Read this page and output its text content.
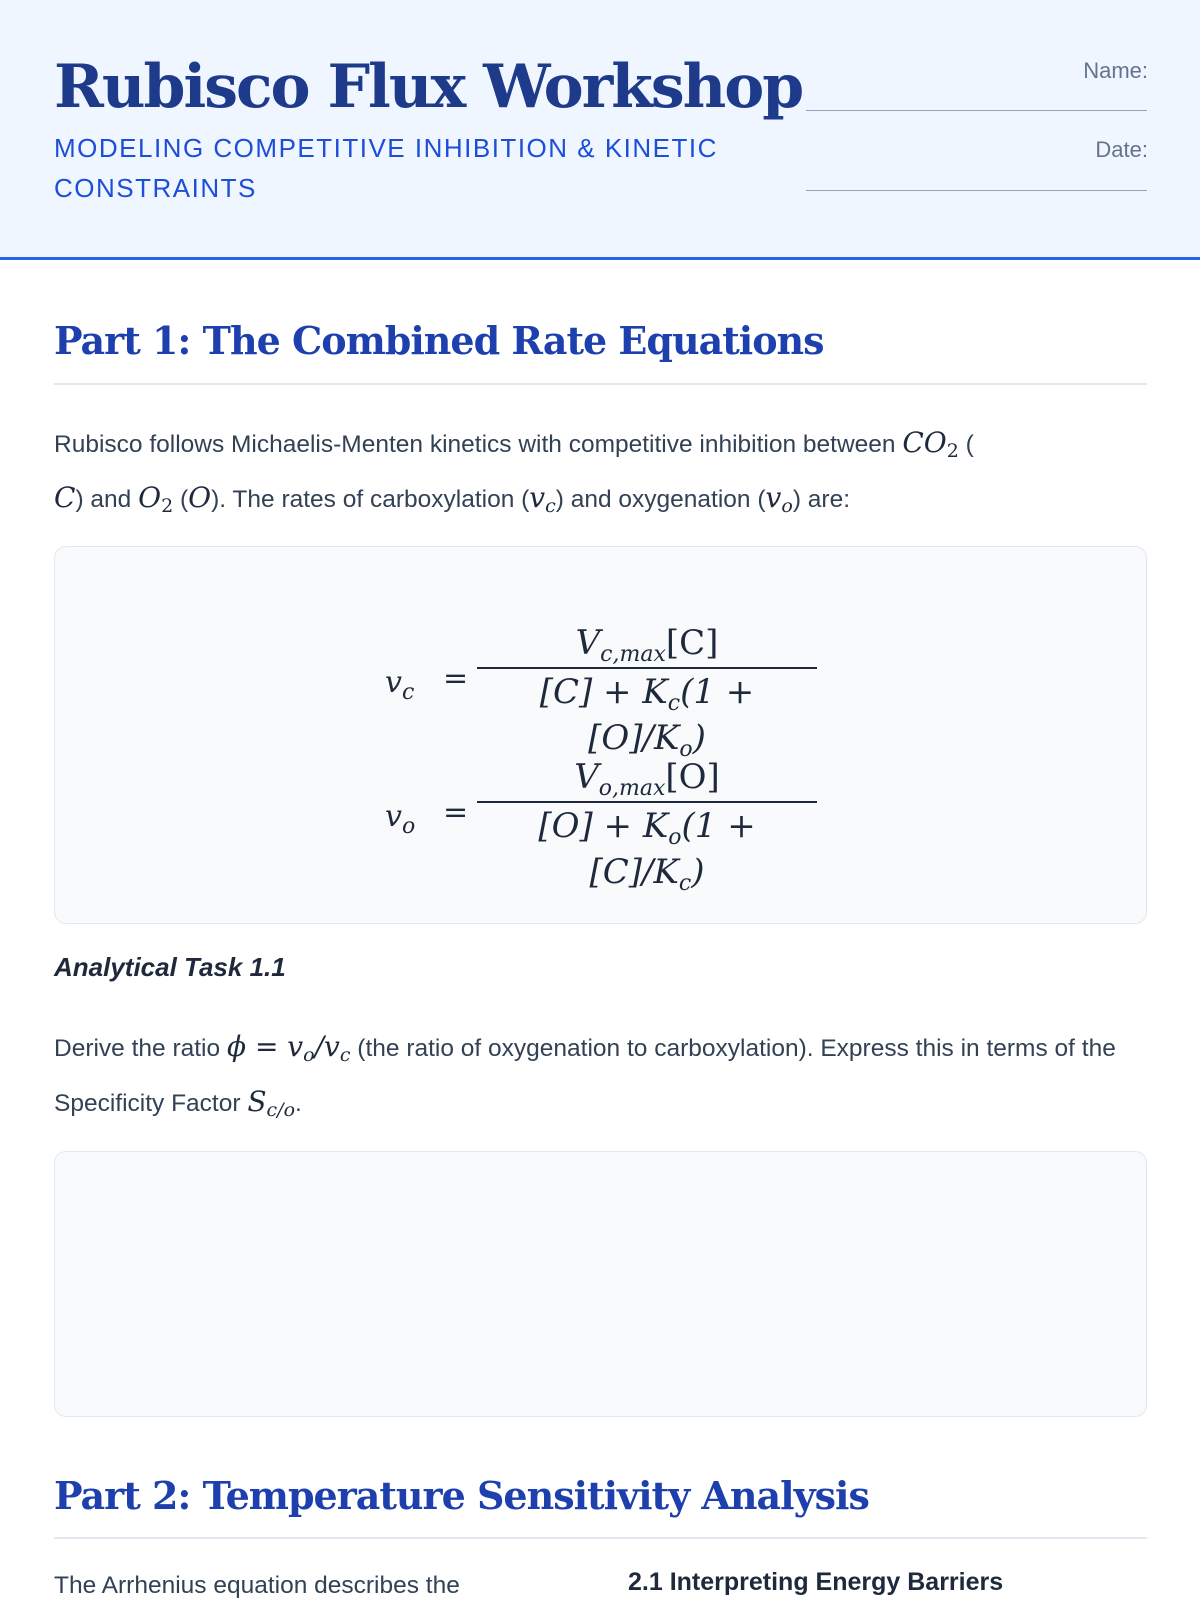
Rubisco Flux Workshop

MODELING COMPETITIVE INHIBITION & KINETIC CONSTRAINTS

Name:
Date:
Part 1: The Combined Rate Equations

Rubisco follows Michaelis-Menten kinetics with competitive inhibition between $CO_2$ (
C) and $O_2$ (O). The rates of carboxylation $(v_c)$ and oxygenation $(v_o)$ are:

$v_c$ =
$V_{c,max}[C]$
$[C] + K_c(1 + [O]/K_o)$
$v_o$ =
$V_{o,max}[O]$
$[O] + K_o(1 + [C]/K_c)$

Analytical Task 1.1

Derive the ratio $\phi = v_o/v_c$ (the ratio of oxygenation to carboxylation). Express this in terms of the Specificity Factor $S_{c/o}$.

Part 2: Temperature Sensitivity Analysis

The Arrhenius equation describes the	2.1 Interpreting Energy Barriers
